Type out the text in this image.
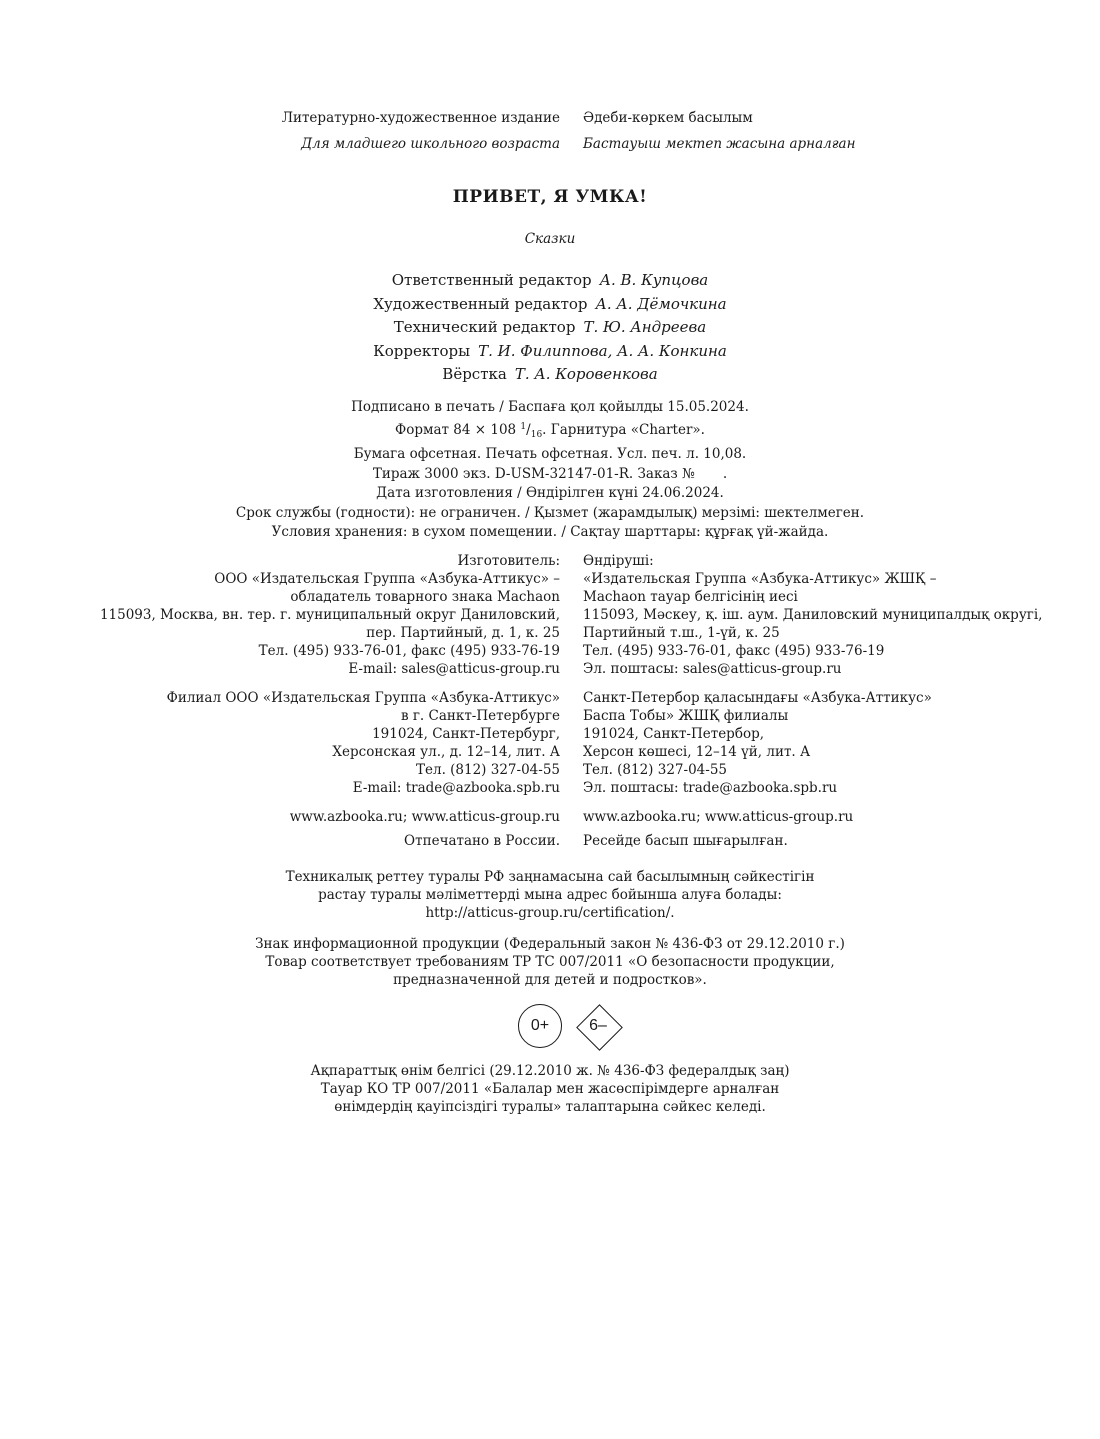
Литературно-художественное издание Әдеби-көркем басылым
Для младшего школьного возраста Бастауыш мектеп жасына арналған
ПРИВЕТ, Я УМКА!
Сказки
Ответственный редактор А. В. Купцова
Художественный редактор А. А. Дёмочкина
Технический редактор Т. Ю. Андреева
Корректоры Т. И. Филиппова, А. А. Конкина
Вёрстка Т. А. Коровенкова
Подписано в печать / Баспаға қол қойылды 15.05.2024.
Формат 84 × 108 $^1/_{16}$. Гарнитура «Charter».
Бумага офсетная. Печать офсетная. Усл. печ. л. 10,08.
Тираж 3000 экз. D-USM-32147-01-R. Заказ № .
Дата изготовления / Өндірілген күні 24.06.2024.
Срок службы (годности): не ограничен. / Қызмет (жарамдылық) мерзімі: шектелмеген.
Условия хранения: в сухом помещении. / Сақтау шарттары: құрғақ үй-жайда.
Изготовитель: Өндіруші:
ООО «Издательская Группа «Азбука-Аттикус» – «Издательская Группа «Азбука-Аттикус» ЖШҚ –
обладатель товарного знака Machaon Machaon тауар белгісінің иесі
115093, Москва, вн. тер. г. муниципальный округ Даниловский, 115093, Мәскеу, қ. іш. аум. Даниловский муниципалдық округі,
пер. Партийный, д. 1, к. 25 Партийный т.ш., 1-үй, к. 25
Тел. (495) 933-76-01, факс (495) 933-76-19 Тел. (495) 933-76-01, факс (495) 933-76-19
E-mail: sales@atticus-group.ru Эл. поштасы: sales@atticus-group.ru
Филиал ООО «Издательская Группа «Азбука-Аттикус» Санкт-Петербор қаласындағы «Азбука-Аттикус»
в г. Санкт-Петербурге Баспа Тобы» ЖШҚ филиалы
191024, Санкт-Петербург, 191024, Санкт-Петербор,
Херсонская ул., д. 12–14, лит. А Херсон көшесі, 12–14 үй, лит. А
Тел. (812) 327-04-55 Тел. (812) 327-04-55
E-mail: trade@azbooka.spb.ru Эл. поштасы: trade@azbooka.spb.ru
www.azbooka.ru; www.atticus-group.ru www.azbooka.ru; www.atticus-group.ru
Отпечатано в России. Ресейде басып шығарылған.
Техникалық реттеу туралы РФ заңнамасына сай басылымның сәйкестігін
растау туралы мәліметтерді мына адрес бойынша алуға болады:
http://atticus-group.ru/certification/.
Знак информационной продукции (Федеральный закон № 436-ФЗ от 29.12.2010 г.)
Товар соответствует требованиям ТР ТС 007/2011 «О безопасности продукции,
предназначенной для детей и подростков».
0+	6–
Ақпараттық өнім белгісі (29.12.2010 ж. № 436-ФЗ федералдық заң)
Тауар КО ТР 007/2011 «Балалар мен жасөспірімдерге арналған
өнімдердің қауіпсіздігі туралы» талаптарына сәйкес келеді.
